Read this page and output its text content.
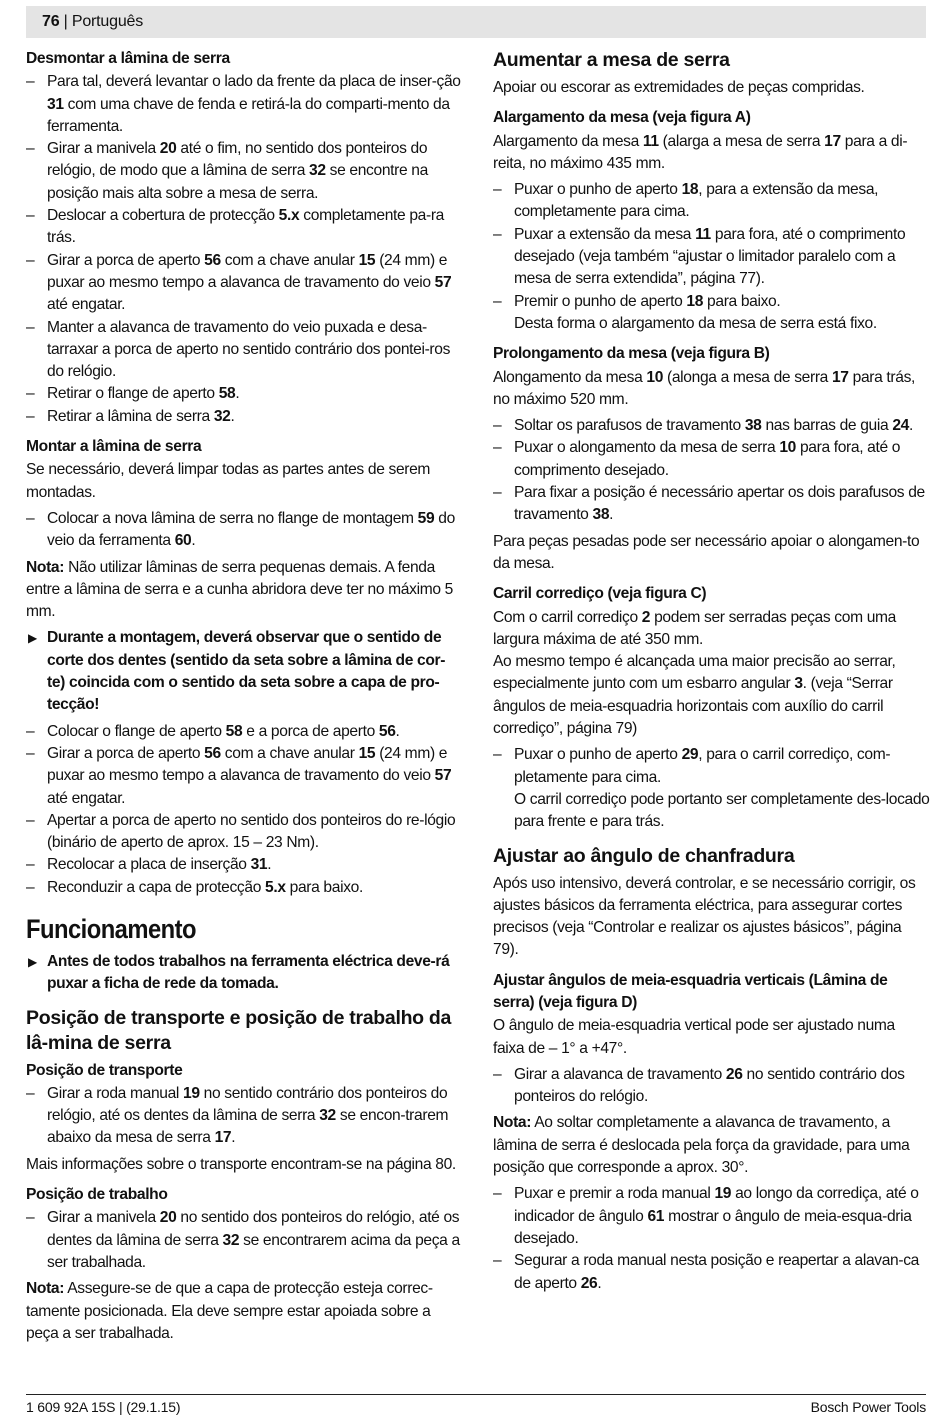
76 | Português
Desmontar a lâmina de serra
– Para tal, deverá levantar o lado da frente da placa de inser-ção 31 com uma chave de fenda e retirá-la do comparti-mento da ferramenta.
– Girar a manivela 20 até o fim, no sentido dos ponteiros do relógio, de modo que a lâmina de serra 32 se encontre na posição mais alta sobre a mesa de serra.
– Deslocar a cobertura de protecção 5.x completamente pa-ra trás.
– Girar a porca de aperto 56 com a chave anular 15 (24 mm) e puxar ao mesmo tempo a alavanca de travamento do veio 57 até engatar.
– Manter a alavanca de travamento do veio puxada e desa-tarraxar a porca de aperto no sentido contrário dos pontei-ros do relógio.
– Retirar o flange de aperto 58.
– Retirar a lâmina de serra 32.
Montar a lâmina de serra

Se necessário, deverá limpar todas as partes antes de serem montadas.

– Colocar a nova lâmina de serra no flange de montagem 59 do veio da ferramenta 60.

Nota: Não utilizar lâminas de serra pequenas demais. A fenda entre a lâmina de serra e a cunha abridora deve ter no máximo 5 mm.

▶ Durante a montagem, deverá observar que o sentido de corte dos dentes (sentido da seta sobre a lâmina de cor-te) coincida com o sentido da seta sobre a capa de pro-tecção!
– Colocar o flange de aperto 58 e a porca de aperto 56.
– Girar a porca de aperto 56 com a chave anular 15 (24 mm) e puxar ao mesmo tempo a alavanca de travamento do veio 57 até engatar.
– Apertar a porca de aperto no sentido dos ponteiros do re-lógio (binário de aperto de aprox. 15 – 23 Nm).
– Recolocar a placa de inserção 31.
– Reconduzir a capa de protecção 5.x para baixo.
Funcionamento
▶ Antes de todos trabalhos na ferramenta eléctrica deve-rá puxar a ficha de rede da tomada.
Posição de transporte e posição de trabalho da lâ-mina de serra
Posição de transporte
– Girar a roda manual 19 no sentido contrário dos ponteiros do relógio, até os dentes da lâmina de serra 32 se encon-trarem abaixo da mesa de serra 17.

Mais informações sobre o transporte encontram-se na página 80.

Posição de trabalho
– Girar a manivela 20 no sentido dos ponteiros do relógio, até os dentes da lâmina de serra 32 se encontrarem acima da peça a ser trabalhada.

Nota: Assegure-se de que a capa de protecção esteja correc-tamente posicionada. Ela deve sempre estar apoiada sobre a peça a ser trabalhada.

Aumentar a mesa de serra

Apoiar ou escorar as extremidades de peças compridas.

Alargamento da mesa (veja figura A)

Alargamento da mesa 11 (alarga a mesa de serra 17 para a di-reita, no máximo 435 mm.

– Puxar o punho de aperto 18, para a extensão da mesa, completamente para cima.
– Puxar a extensão da mesa 11 para fora, até o comprimento desejado (veja também “ajustar o limitador paralelo com a mesa de serra extendida”, página 77).
– Premir o punho de aperto 18 para baixo.

Desta forma o alargamento da mesa de serra está fixo.

Prolongamento da mesa (veja figura B)

Alongamento da mesa 10 (alonga a mesa de serra 17 para trás, no máximo 520 mm.

– Soltar os parafusos de travamento 38 nas barras de guia 24.
– Puxar o alongamento da mesa de serra 10 para fora, até o comprimento desejado.
– Para fixar a posição é necessário apertar os dois parafusos de travamento 38.

Para peças pesadas pode ser necessário apoiar o alongamen-to da mesa.

Carril corrediço (veja figura C)

Com o carril corrediço 2 podem ser serradas peças com uma largura máxima de até 350 mm.

Ao mesmo tempo é alcançada uma maior precisão ao serrar, especialmente junto com um esbarro angular 3. (veja “Serrar ângulos de meia-esquadria horizontais com auxílio do carril corrediço”, página 79)

– Puxar o punho de aperto 29, para o carril corrediço, com-pletamente para cima.

O carril corrediço pode portanto ser completamente des-locado para frente e para trás.

Ajustar ao ângulo de chanfradura

Após uso intensivo, deverá controlar, e se necessário corrigir, os ajustes básicos da ferramenta eléctrica, para assegurar cortes precisos (veja “Controlar e realizar os ajustes básicos”, página 79).

Ajustar ângulos de meia-esquadria verticais (Lâmina de serra) (veja figura D)

O ângulo de meia-esquadria vertical pode ser ajustado numa faixa de – 1° a +47°.

– Girar a alavanca de travamento 26 no sentido contrário dos ponteiros do relógio.

Nota: Ao soltar completamente a alavanca de travamento, a lâmina de serra é deslocada pela força da gravidade, para uma posição que corresponde a aprox. 30°.

– Puxar e premir a roda manual 19 ao longo da corrediça, até o indicador de ângulo 61 mostrar o ângulo de meia-esqua-dria desejado.
– Segurar a roda manual nesta posição e reapertar a alavan-ca de aperto 26.
1 609 92A 15S | (29.1.15)	Bosch Power Tools
